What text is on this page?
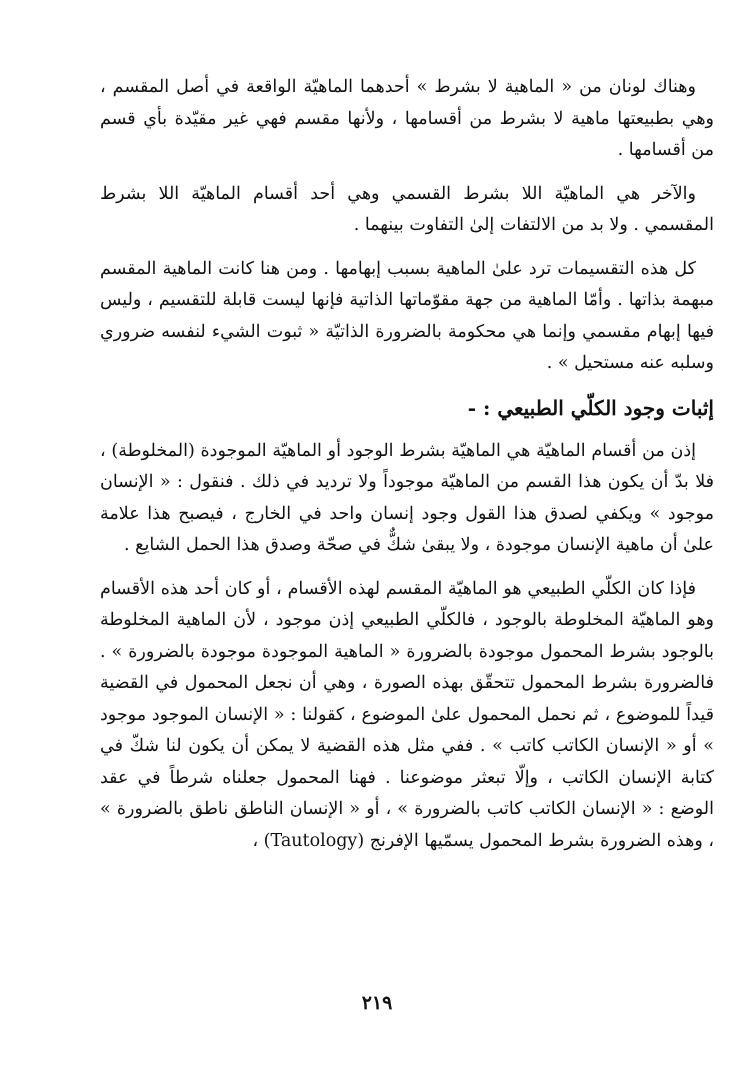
وهناك لونان من « الماهية لا بشرط » أحدهما الماهيّة الواقعة في أصل المقسم ، وهي بطبيعتها ماهية لا بشرط من أقسامها ، ولأنها مقسم فهي غير مقيّدة بأي قسم من أقسامها .

والآخر هي الماهيّة اللا بشرط القسمي وهي أحد أقسام الماهيّة اللا بشرط المقسمي . ولا بد من الالتفات إلىٰ التفاوت بينهما .

كل هذه التقسيمات ترد علىٰ الماهية بسبب إبهامها . ومن هنا كانت الماهية المقسم مبهمة بذاتها . وأمّا الماهية من جهة مقوّماتها الذاتية فإنها ليست قابلة للتقسيم ، وليس فيها إبهام مقسمي وإنما هي محكومة بالضرورة الذاتيّة « ثبوت الشيء لنفسه ضروري وسلبه عنه مستحيل » .

إثبات وجود الكلّي الطبيعي : -

إذن من أقسام الماهيّة هي الماهيّة بشرط الوجود أو الماهيّة الموجودة (المخلوطة) ، فلا بدّ أن يكون هذا القسم من الماهيّة موجوداً ولا ترديد في ذلك . فنقول : « الإنسان موجود » ويكفي لصدق هذا القول وجود إنسان واحد في الخارج ، فيصبح هذا علامة علىٰ أن ماهية الإنسان موجودة ، ولا يبقىٰ شكٌّ في صحّة وصدق هذا الحمل الشايع .

فإذا كان الكلّي الطبيعي هو الماهيّة المقسم لهذه الأقسام ، أو كان أحد هذه الأقسام وهو الماهيّة المخلوطة بالوجود ، فالكلّي الطبيعي إذن موجود ، لأن الماهية المخلوطة بالوجود بشرط المحمول موجودة بالضرورة « الماهية الموجودة موجودة بالضرورة » . فالضرورة بشرط المحمول تتحقّق بهذه الصورة ، وهي أن نجعل المحمول في القضية قيداً للموضوع ، ثم نحمل المحمول علىٰ الموضوع ، كقولنا : « الإنسان الموجود موجود » أو « الإنسان الكاتب كاتب » . ففي مثل هذه القضية لا يمكن أن يكون لنا شكّ في كتابة الإنسان الكاتب ، وإلّا تبعثر موضوعنا . فهنا المحمول جعلناه شرطاً في عقد الوضع : « الإنسان الكاتب كاتب بالضرورة » ، أو « الإنسان الناطق ناطق بالضرورة » ، وهذه الضرورة بشرط المحمول يسمّيها الإفرنج (Tautology) ،

٢١٩
